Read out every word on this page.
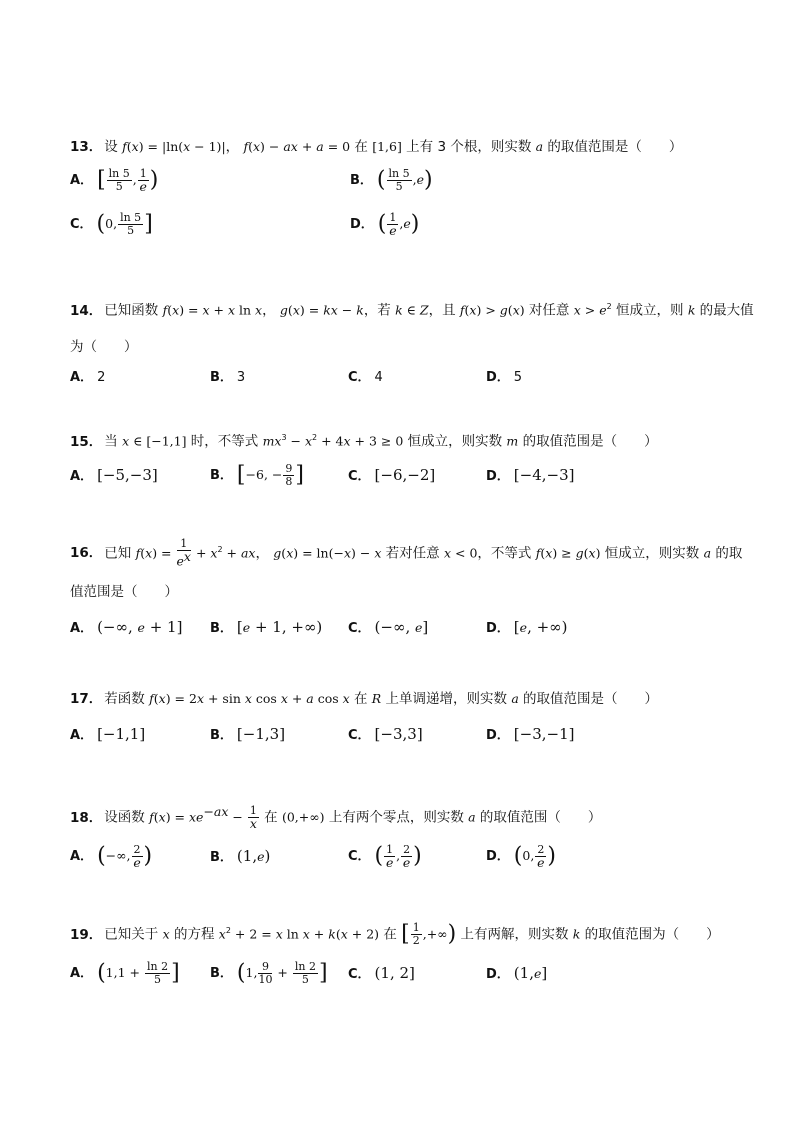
13． 设 f(x) = |ln(x − 1)|， f(x) − ax + a = 0 在 [1,6] 上有 3 个根，则实数 a 的取值范围是（　　）
A． [ $\frac{\ln 5}{5}$ , $\frac{1}{e}$ )	B． ( $\frac{\ln 5}{5} ,e$)
C． (0, $\frac{\ln 5}{5}$ ]	D． ( $\frac{1}{e} ,e$)
14． 已知函数 f(x) = x + x ln x， g(x) = kx − k，若 k ∈ Z，且 f(x) > g(x) 对任意 $x > e^2$ 恒成立，则 k 的最大值
为（　　）
A． 2	B． 3	C． 4	D． 5
15． 当 x ∈ [−1,1] 时，不等式 $mx^3 - x^2 + 4x + 3 \ge 0$ 恒成立，则实数 m 的取值范围是（　　）
A． [−5,−3]	B． [−6, − $\frac{9}{8}$ ]	C． [−6,−2]	D． [−4,−3]
16． 已知 $f(x) = \frac{1}{e^x} + x^2$ + ax， g(x) = ln(−x) − x 若对任意 x < 0，不等式 f(x) ≥ g(x) 恒成立，则实数 a 的取
值范围是（　　）
A． (−∞, e + 1] B． [e + 1, +∞) C． (−∞, e]	D． [e, +∞)
17． 若函数 f(x) = 2x + sin x cos x + a cos x 在 R 上单调递增，则实数 a 的取值范围是（　　）
A． [−1,1]	B． [−1,3]	C． [−3,3]	D． [−3,−1]
18． 设函数 $f(x) = xe^{-ax} - \frac{1}{x}$ 在 (0,+∞) 上有两个零点，则实数 a 的取值范围（　　）
A． (−∞, $\frac{2}{e}$ )	B． (1,e)	C． ( $\frac{1}{e}$ , $\frac{2}{e}$ )	D． (0, $\frac{2}{e}$ )
19． 已知关于 x 的方程 $x^2 + 2 = x$ ln x + k(x + 2) 在 [ $\frac{1}{2}$ ,+∞) 上有两解，则实数 k 的取值范围为（　　）
A． ($1,1 + \frac{\ln 2}{5}$ ] B． (1, $\frac{9}{10} + \frac{\ln 2}{5}$ ] C． (1, 2]	D． (1,e]
